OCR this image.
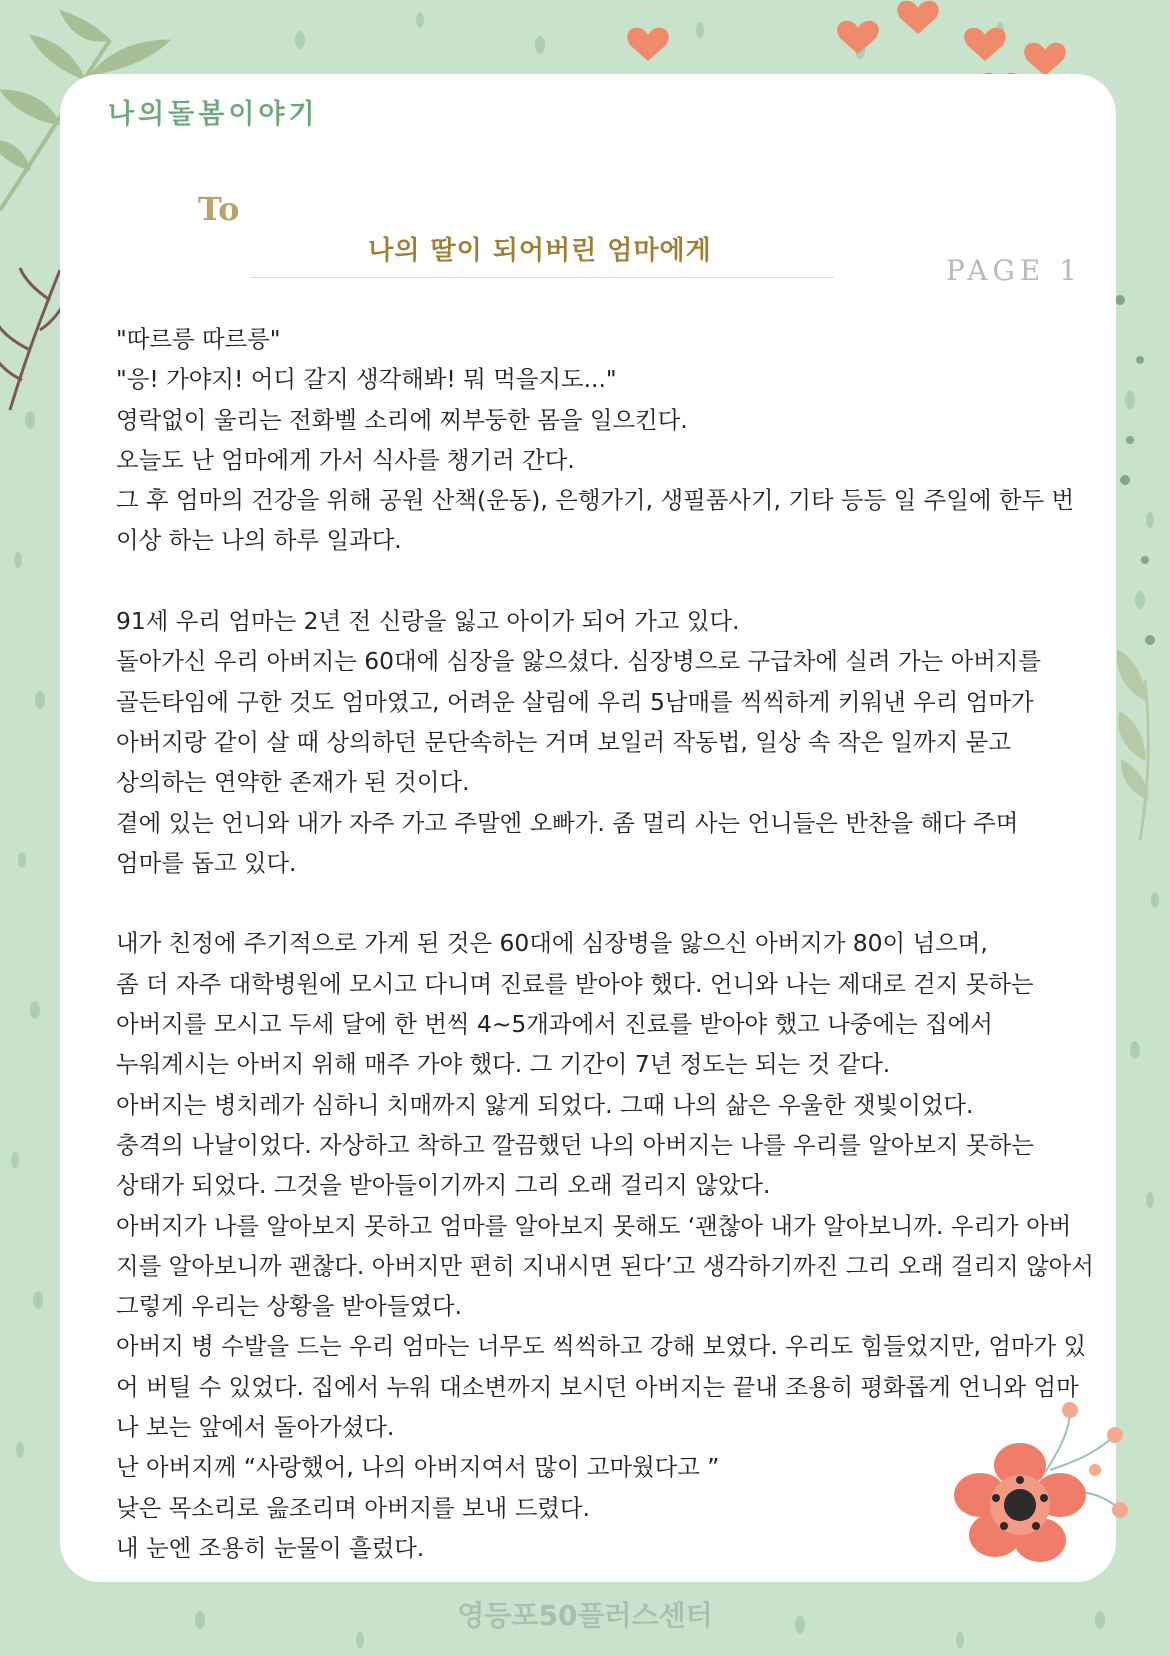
나의돌봄이야기
To
나의 딸이 되어버린 엄마에게
PAGE 1
"따르릉 따르릉"
"응! 가야지! 어디 갈지 생각해봐! 뭐 먹을지도..."
영락없이 울리는 전화벨 소리에 찌부둥한 몸을 일으킨다.
오늘도 난 엄마에게 가서 식사를 챙기러 간다.
그 후 엄마의 건강을 위해 공원 산책(운동), 은행가기, 생필품사기, 기타 등등 일 주일에 한두 번
이상 하는 나의 하루 일과다.
91세 우리 엄마는 2년 전 신랑을 잃고 아이가 되어 가고 있다.
돌아가신 우리 아버지는 60대에 심장을 앓으셨다. 심장병으로 구급차에 실려 가는 아버지를
골든타임에 구한 것도 엄마였고, 어려운 살림에 우리 5남매를 씩씩하게 키워낸 우리 엄마가
아버지랑 같이 살 때 상의하던 문단속하는 거며 보일러 작동법, 일상 속 작은 일까지 묻고
상의하는 연약한 존재가 된 것이다.
곁에 있는 언니와 내가 자주 가고 주말엔 오빠가. 좀 멀리 사는 언니들은 반찬을 해다 주며
엄마를 돕고 있다.
내가 친정에 주기적으로 가게 된 것은 60대에 심장병을 앓으신 아버지가 80이 넘으며,
좀 더 자주 대학병원에 모시고 다니며 진료를 받아야 했다. 언니와 나는 제대로 걷지 못하는
아버지를 모시고 두세 달에 한 번씩 4~5개과에서 진료를 받아야 했고 나중에는 집에서
누워계시는 아버지 위해 매주 가야 했다. 그 기간이 7년 정도는 되는 것 같다.
아버지는 병치레가 심하니 치매까지 앓게 되었다. 그때 나의 삶은 우울한 잿빛이었다.
충격의 나날이었다. 자상하고 착하고 깔끔했던 나의 아버지는 나를 우리를 알아보지 못하는
상태가 되었다. 그것을 받아들이기까지 그리 오래 걸리지 않았다.
아버지가 나를 알아보지 못하고 엄마를 알아보지 못해도 ‘괜찮아 내가 알아보니까. 우리가 아버
지를 알아보니까 괜찮다. 아버지만 편히 지내시면 된다’고 생각하기까진 그리 오래 걸리지 않아서
그렇게 우리는 상황을 받아들였다.
아버지 병 수발을 드는 우리 엄마는 너무도 씩씩하고 강해 보였다. 우리도 힘들었지만, 엄마가 있
어 버틸 수 있었다. 집에서 누워 대소변까지 보시던 아버지는 끝내 조용히 평화롭게 언니와 엄마
나 보는 앞에서 돌아가셨다.
난 아버지께 “사랑했어, 나의 아버지여서 많이 고마웠다고 ”
낮은 목소리로 읊조리며 아버지를 보내 드렸다.
내 눈엔 조용히 눈물이 흘렀다.
영등포50플러스센터
